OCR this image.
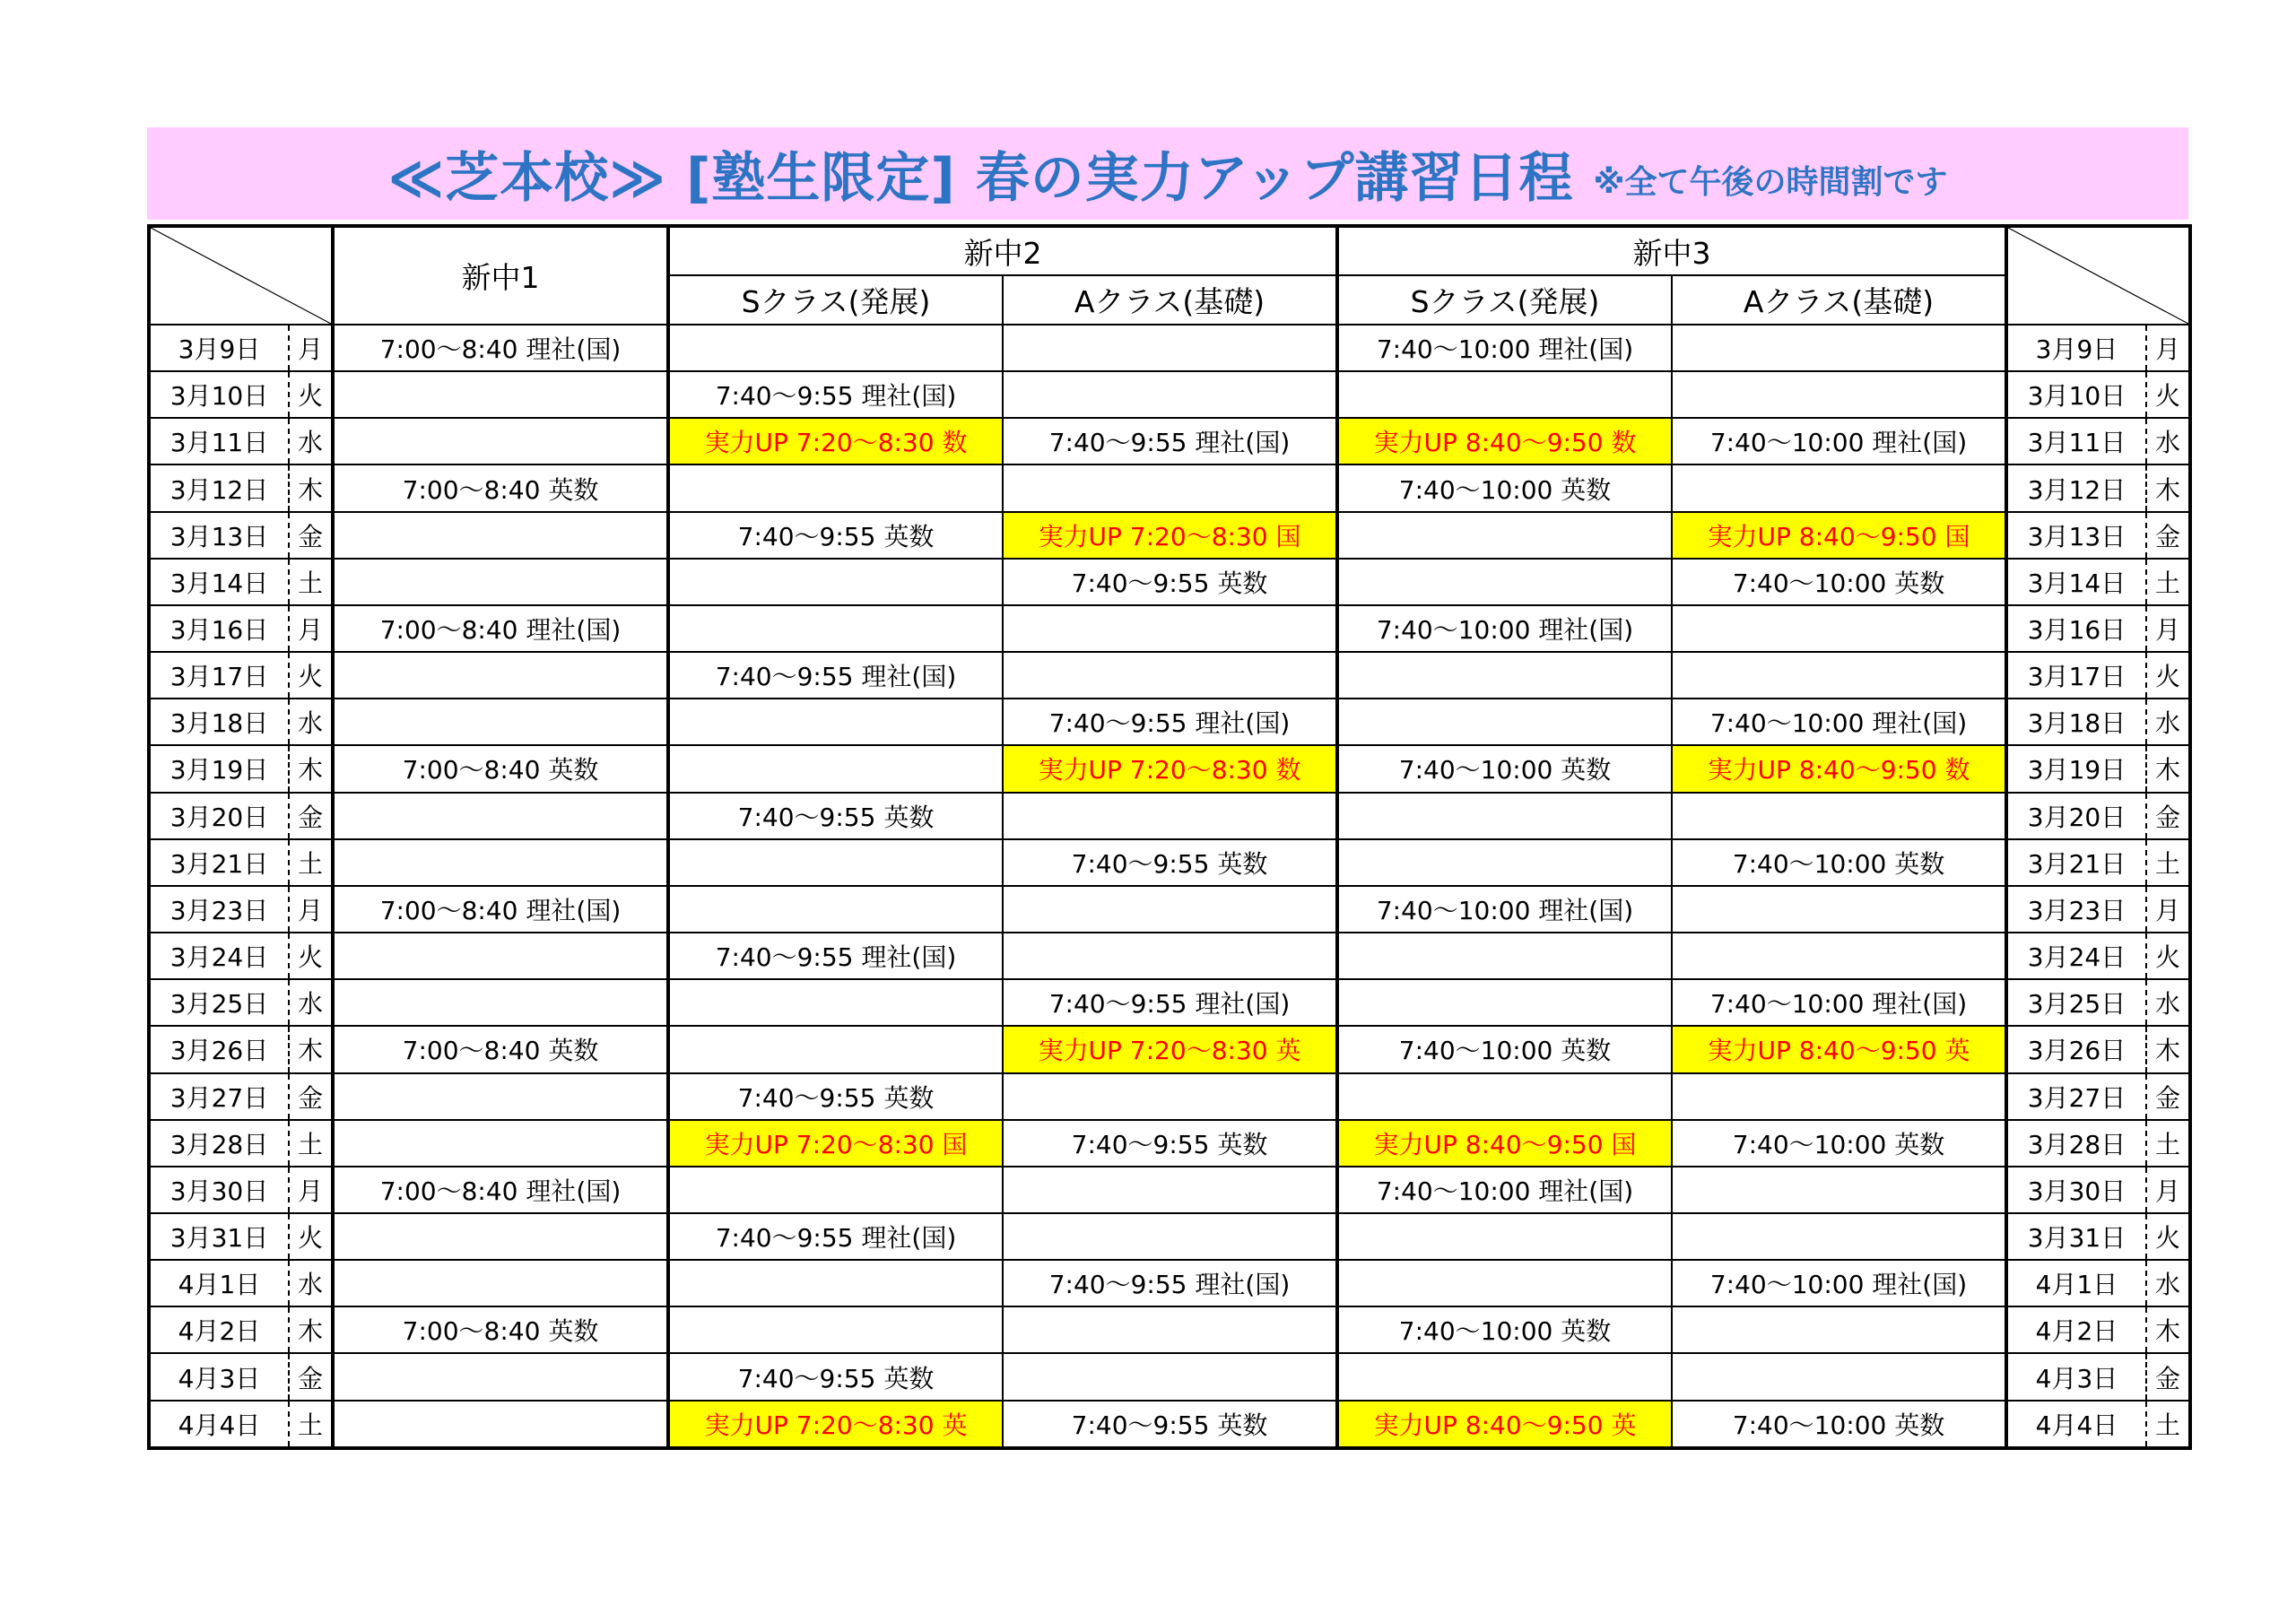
≪芝本校≫ [塾生限定] 春の実力アップ講習日程 ※全て午後の時間割です
	新中1	新中2		新中3	

			Sクラス(発展)	Aクラス(基礎)	Sクラス(発展)	Aクラス(基礎)		
3月9日	月	7:00～8:40 理社(国)			7:40～10:00 理社(国)		3月9日	月
3月10日	火		7:40～9:55 理社(国)				3月10日	火
3月11日	水		実力UP 7:20～8:30 数	7:40～9:55 理社(国)	実力UP 8:40～9:50 数	7:40～10:00 理社(国)	3月11日	水
3月12日	木	7:00～8:40 英数			7:40～10:00 英数		3月12日	木
3月13日	金		7:40～9:55 英数	実力UP 7:20～8:30 国		実力UP 8:40～9:50 国	3月13日	金
3月14日	土			7:40～9:55 英数		7:40～10:00 英数	3月14日	土
3月16日	月	7:00～8:40 理社(国)			7:40～10:00 理社(国)		3月16日	月
3月17日	火		7:40～9:55 理社(国)				3月17日	火
3月18日	水			7:40～9:55 理社(国)		7:40～10:00 理社(国)	3月18日	水
3月19日	木	7:00～8:40 英数		実力UP 7:20～8:30 数	7:40～10:00 英数	実力UP 8:40～9:50 数	3月19日	木
3月20日	金		7:40～9:55 英数				3月20日	金
3月21日	土			7:40～9:55 英数		7:40～10:00 英数	3月21日	土
3月23日	月	7:00～8:40 理社(国)			7:40～10:00 理社(国)		3月23日	月
3月24日	火		7:40～9:55 理社(国)				3月24日	火
3月25日	水			7:40～9:55 理社(国)		7:40～10:00 理社(国)	3月25日	水
3月26日	木	7:00～8:40 英数		実力UP 7:20～8:30 英	7:40～10:00 英数	実力UP 8:40～9:50 英	3月26日	木
3月27日	金		7:40～9:55 英数				3月27日	金
3月28日	土		実力UP 7:20～8:30 国	7:40～9:55 英数	実力UP 8:40～9:50 国	7:40～10:00 英数	3月28日	土
3月30日	月	7:00～8:40 理社(国)			7:40～10:00 理社(国)		3月30日	月
3月31日	火		7:40～9:55 理社(国)				3月31日	火
4月1日	水			7:40～9:55 理社(国)		7:40～10:00 理社(国)	4月1日	水
4月2日	木	7:00～8:40 英数			7:40～10:00 英数		4月2日	木
4月3日	金		7:40～9:55 英数				4月3日	金
4月4日	土		実力UP 7:20～8:30 英	7:40～9:55 英数	実力UP 8:40～9:50 英	7:40～10:00 英数	4月4日	土
